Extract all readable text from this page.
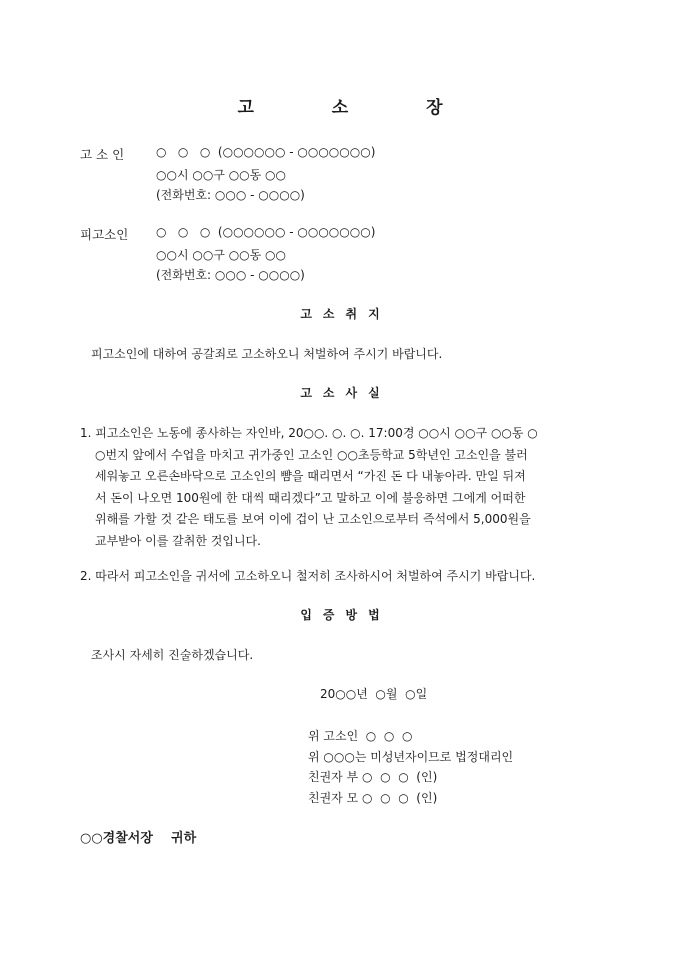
고 소 장
고 소 인	○   ○   ○  (○○○○○○ - ○○○○○○○)
○○시 ○○구 ○○동 ○○
(전화번호: ○○○ - ○○○○)
피고소인 ○   ○   ○  (○○○○○○ - ○○○○○○○)
○○시 ○○구 ○○동 ○○
(전화번호: ○○○ - ○○○○)
고소취지
피고소인에 대하여 공갈죄로 고소하오니 처벌하여 주시기 바랍니다.
고소사실
1. 피고소인은 노동에 종사하는 자인바, 20○○. ○. ○. 17:00경 ○○시 ○○구 ○○동 ○
○번지 앞에서 수업을 마치고 귀가중인 고소인 ○○초등학교 5학년인 고소인을 불러
세워놓고 오른손바닥으로 고소인의 뺨을 때리면서 “가진 돈 다 내놓아라. 만일 뒤져
서 돈이 나오면 100원에 한 대씩 때리겠다”고 말하고 이에 불응하면 그에게 어떠한
위해를 가할 것 같은 태도를 보여 이에 겁이 난 고소인으로부터 즉석에서 5,000원을
교부받아 이를 갈취한 것입니다.
2. 따라서 피고소인을 귀서에 고소하오니 철저히 조사하시어 처벌하여 주시기 바랍니다.
입증방법
조사시 자세히 진술하겠습니다.
20○○년  ○월  ○일
위 고소인  ○  ○  ○
위 ○○○는 미성년자이므로 법정대리인
친권자 부 ○  ○  ○  (인)
친권자 모 ○  ○  ○  (인)
○○경찰서장    귀하
